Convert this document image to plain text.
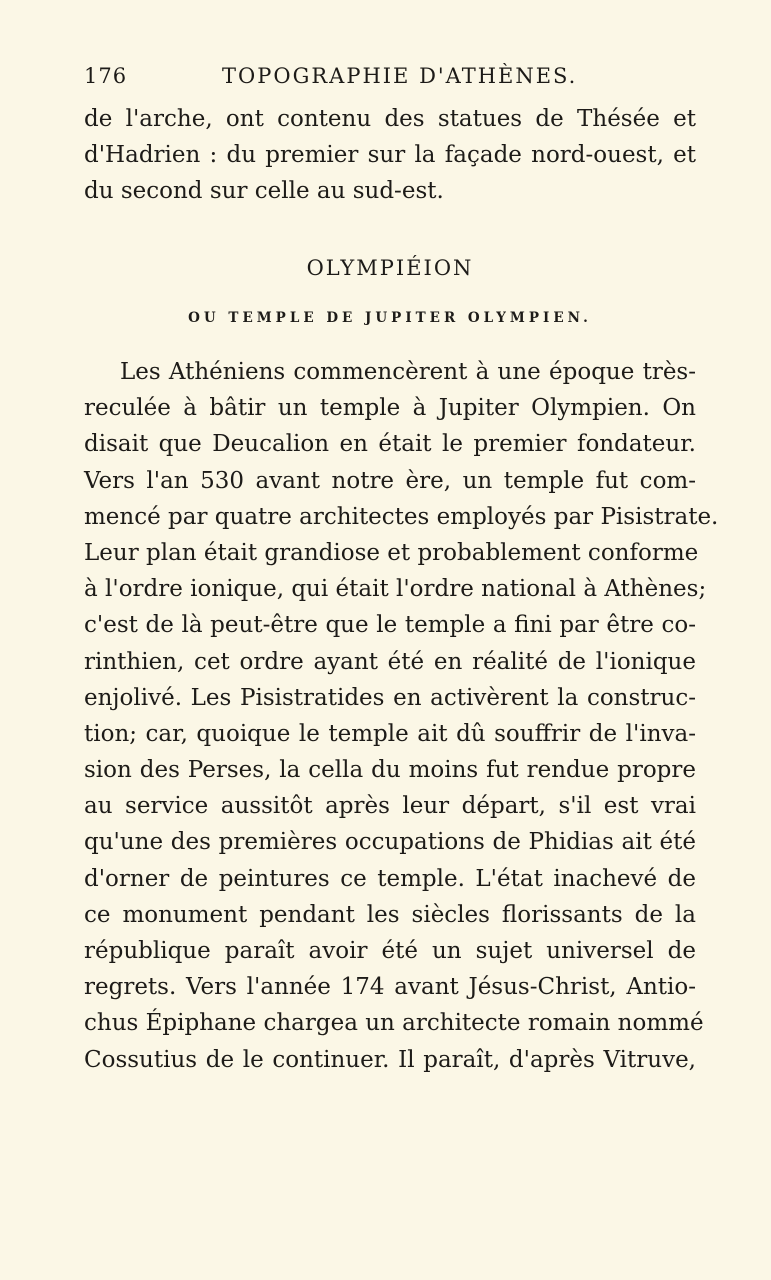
176	TOPOGRAPHIE D'ATHÈNES.
de l'arche, ont contenu des statues de Thésée et
d'Hadrien : du premier sur la façade nord-ouest, et
du second sur celle au sud-est.
OLYMPIÉION
OU TEMPLE DE JUPITER OLYMPIEN.
Les Athéniens commencèrent à une époque très-
reculée à bâtir un temple à Jupiter Olympien. On
disait que Deucalion en était le premier fondateur.
Vers l'an 530 avant notre ère, un temple fut com-
mencé par quatre architectes employés par Pisistrate.
Leur plan était grandiose et probablement conforme
à l'ordre ionique, qui était l'ordre national à Athènes;
c'est de là peut-être que le temple a fini par être co-
rinthien, cet ordre ayant été en réalité de l'ionique
enjolivé. Les Pisistratides en activèrent la construc-
tion; car, quoique le temple ait dû souffrir de l'inva-
sion des Perses, la cella du moins fut rendue propre
au service aussitôt après leur départ, s'il est vrai
qu'une des premières occupations de Phidias ait été
d'orner de peintures ce temple. L'état inachevé de
ce monument pendant les siècles florissants de la
république paraît avoir été un sujet universel de
regrets. Vers l'année 174 avant Jésus-Christ, Antio-
chus Épiphane chargea un architecte romain nommé
Cossutius de le continuer. Il paraît, d'après Vitruve,
